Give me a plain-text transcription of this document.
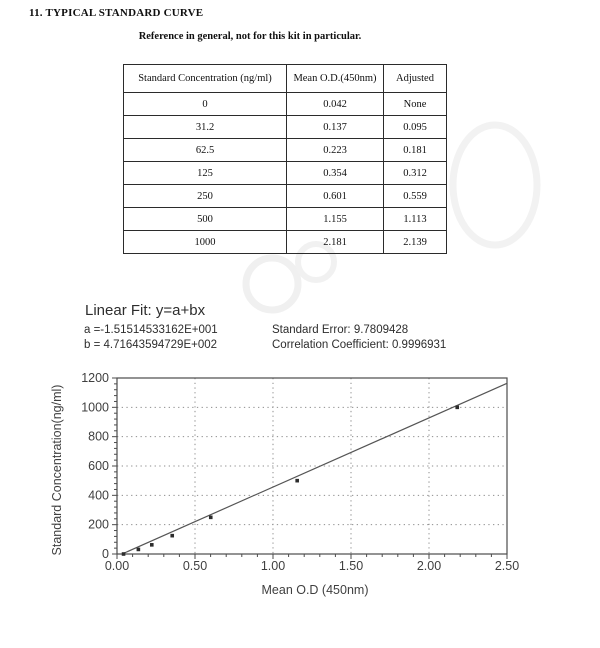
11. TYPICAL STANDARD CURVE
Reference in general, not for this kit in particular.
Standard Concentration (ng/ml)	Mean O.D.(450nm)	Adjusted
0	0.042	None
31.2	0.137	0.095
62.5	0.223	0.181
125	0.354	0.312
250	0.601	0.559
500	1.155	1.113
1000	2.181	2.139
Linear Fit: y=a+bx
a =-1.51514533162E+001
b = 4.71643594729E+002
Standard Error: 9.7809428
Correlation Coefficient: 0.9996931
Standard Concentration(ng/ml)
0.00	0.50	1.00	1.50	2.00	2.50
0
200
400
600
800
1000
1200
Mean O.D (450nm)
